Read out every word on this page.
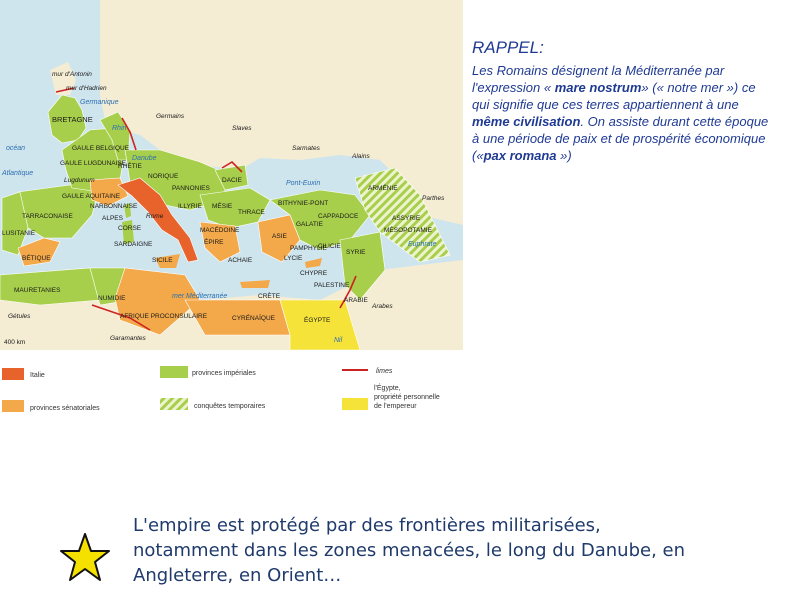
mur d'Antonin
mur d'Hadrien
Germanique
BRETAGNE	Germains
Slaves
Sarmates
Alains
océan
Atlantique
GAULE BELGIQUE
GAULE LUGDUNAISE
Lugdunum
GAULE AQUITAINE
RHÉTIE
NORIQUE
PANNONIES
DACIE
Danube
Rhin
Pont-Euxin
ARMÉNIE
Parthes
MÉSIE
THRACE
BITHYNIE-PONT
GALATIE
CAPPADOCE	ASSYRIE
MÉSOPOTAMIE
Euphrate
TARRACONAISE
LUSITANIE
NARBONNAISE
ALPES
CORSE
Rome
ILLYRIE
MACÉDOINE
ÉPIRE
ASIE
PAMPHYLIE
LYCIE
CILICIE
SYRIE
SARDAIGNE
BÉTIQUE	SICILE	ACHAIE
CHYPRE
PALESTINE
CRÈTE
mer Méditerranée
MAURETANIES
NUMIDIE
AFRIQUE PROCONSULAIRE	CYRÉNAÏQUE	ÉGYPTE
ARABIE
Arabes
Gétules
Garamantes	Nil
400 km
Italie	provinces impériales	limes
provinces sénatoriales	conquêtes temporaires
l'Égypte,
propriété personnelle
de l'empereur
RAPPEL:

Les Romains désignent la Méditerranée par l'expression « mare nostrum» (« notre mer ») ce qui signifie que ces terres appartiennent à une même civilisation. On assiste durant cette époque à une période de paix et de prospérité économique («pax romana »)

L'empire est protégé par des frontières militarisées,
notamment dans les zones menacées, le long du Danube, en
Angleterre, en Orient…
